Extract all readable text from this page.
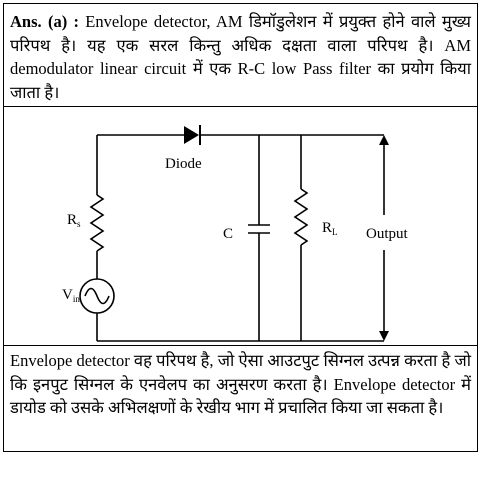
Ans. (a) : Envelope detector, AM डिमॉडुलेशन में प्रयुक्त होने वाले मुख्य परिपथ है। यह एक सरल किन्तु अधिक दक्षता वाला परिपथ है। AM demodulator linear circuit में एक R-C low Pass filter का प्रयोग किया जाता है।
Diode
$R_s$
C	$R_L$
$V_{in}$
Output
Envelope detector वह परिपथ है, जो ऐसा आउटपुट सिग्नल उत्पन्न करता है जो कि इनपुट सिग्नल के एनवेलप का अनुसरण करता है। Envelope detector में डायोड को उसके अभिलक्षणों के रेखीय भाग में प्रचालित किया जा सकता है।
